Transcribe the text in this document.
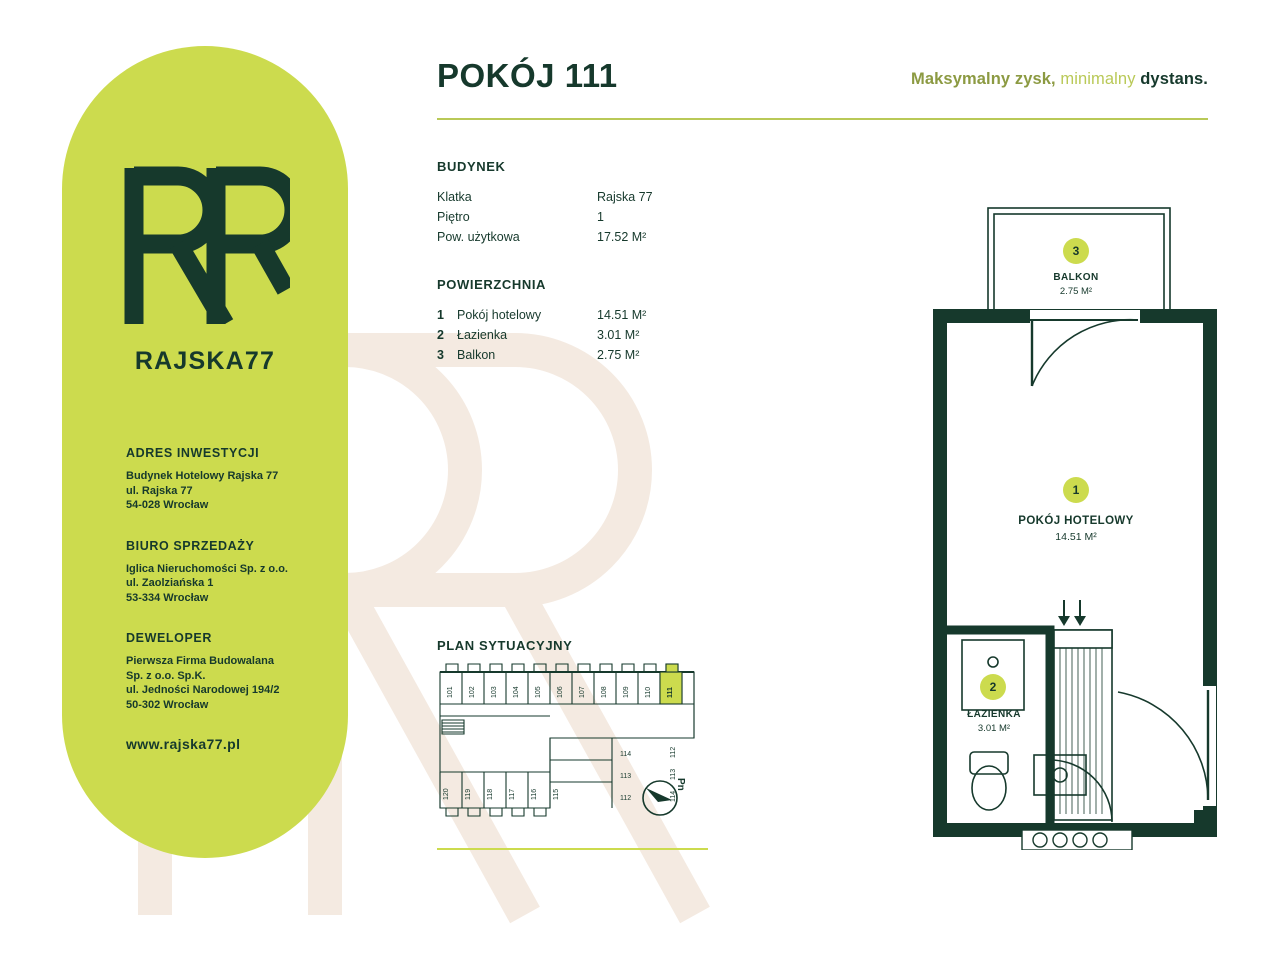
RAJSKA77
ADRES INWESTYCJI
Budynek Hotelowy Rajska 77
ul. Rajska 77
54-028 Wrocław
BIURO SPRZEDAŻY
Iglica Nieruchomości Sp. z o.o.
ul. Zaolziańska 1
53-334 Wrocław
DEWELOPER
Pierwsza Firma Budowalana
Sp. z o.o. Sp.K.
ul. Jedności Narodowej 194/2
50-302 Wrocław
www.rajska77.pl
POKÓJ 111	Maksymalny zysk, minimalny dystans.
BUDYNEK
Klatka	Rajska 77
Piętro	1
Pow. użytkowa	17.52 M²
POWIERZCHNIA
1	Pokój hotelowy	14.51 M²
2	Łazienka	3.01 M²
3	Balkon	2.75 M²
PLAN SYTUACYJNY
101 102 103 104 105 106 107 108 109 110 111
112
113
114
120 119 118 117 116 115
114
113
112
Pn
3
BALKON
2.75 M²
1
POKÓJ HOTELOWY
14.51 M²
2
ŁAZIENKA
3.01 M²
